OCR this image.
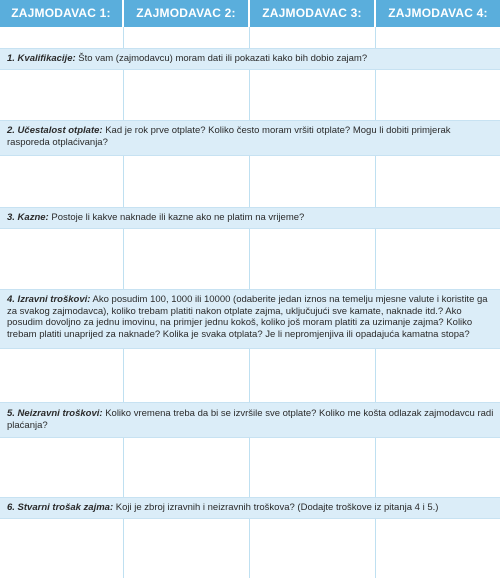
ZAJMODAVAC 1:	ZAJMODAVAC 2:	ZAJMODAVAC 3:	ZAJMODAVAC 4:
1. Kvalifikacije: Što vam (zajmodavcu) moram dati ili pokazati kako bih dobio zajam?
2. Učestalost otplate: Kad je rok prve otplate? Koliko često moram vršiti otplate? Mogu li dobiti primjerak rasporeda otplaćivanja?
3. Kazne: Postoje li kakve naknade ili kazne ako ne platim na vrijeme?
4. Izravni troškovi: Ako posudim 100, 1000 ili 10000 (odaberite jedan iznos na temelju mjesne valute i koristite ga za svakog zajmodavca), koliko trebam platiti nakon otplate zajma, uključujući sve kamate, naknade itd.? Ako posudim dovoljno za jednu imovinu, na primjer jednu kokoš, koliko još moram platiti za uzimanje zajma? Koliko trebam platiti unaprijed za naknade? Kolika je svaka otplata? Je li nepromjenjiva ili opadajuća kamatna stopa?
5. Neizravni troškovi: Koliko vremena treba da bi se izvršile sve otplate? Koliko me košta odlazak zajmodavcu radi plaćanja?
6. Stvarni trošak zajma: Koji je zbroj izravnih i neizravnih troškova? (Dodajte troškove iz pitanja 4 i 5.)
